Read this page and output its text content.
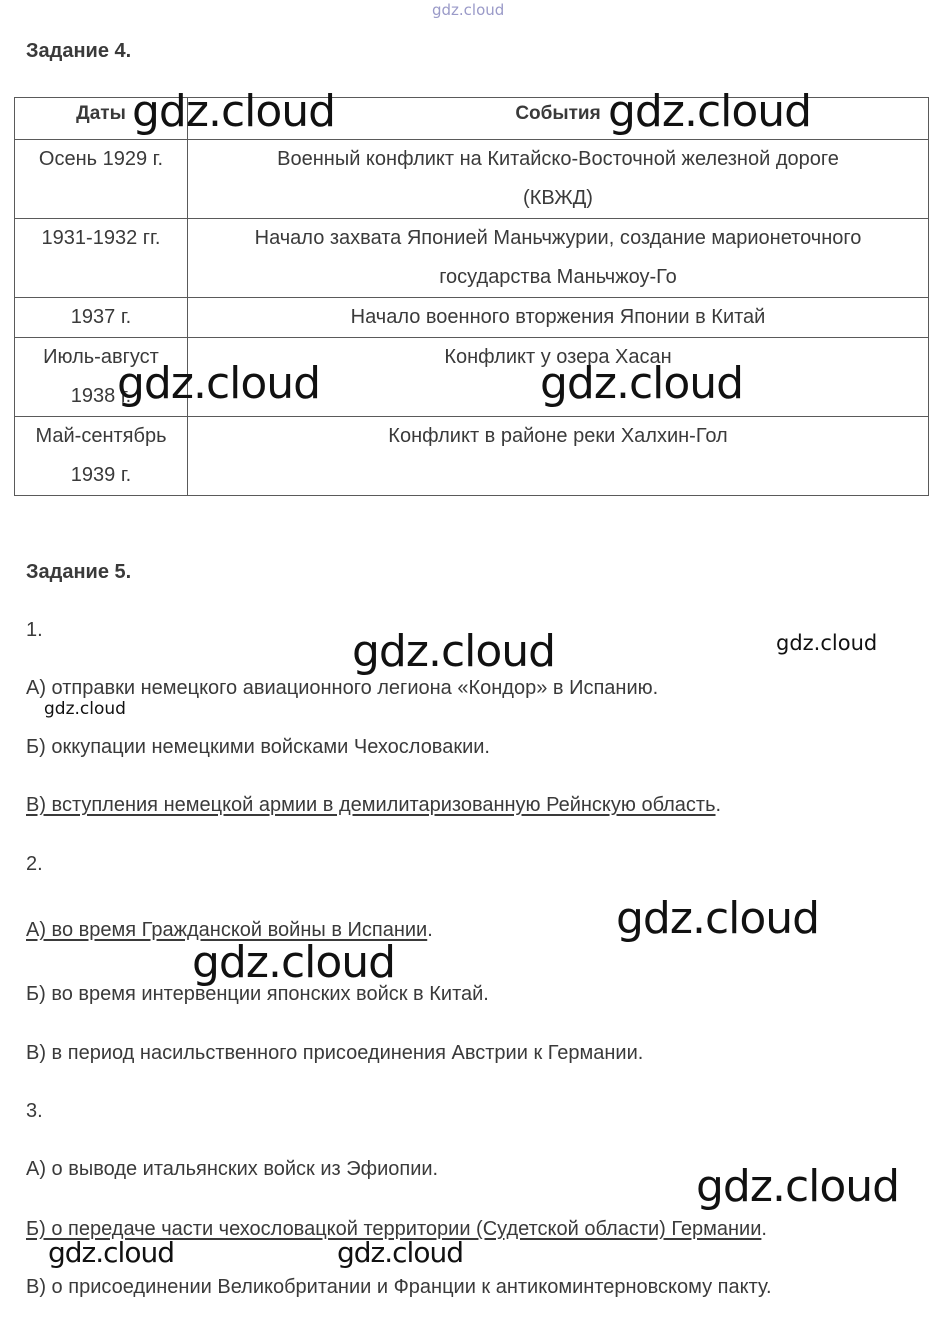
gdz.cloud
Задание 4.
Даты	События
Осень 1929 г.	Военный конфликт на Китайско-Восточной железной дороге
(КВЖД)
1931-1932 гг.	Начало захвата Японией Маньчжурии, создание марионеточного
государства Маньчжоу-Го
1937 г.	Начало военного вторжения Японии в Китай
Июль-август
1938 г.	Конфликт у озера Хасан
Май-сентябрь
1939 г.	Конфликт в районе реки Халхин-Гол
Задание 5.
1.
А) отправки немецкого авиационного легиона «Кондор» в Испанию.
Б) оккупации немецкими войсками Чехословакии.
В) вступления немецкой армии в демилитаризованную Рейнскую область.
2.
А) во время Гражданской войны в Испании.
Б) во время интервенции японских войск в Китай.
В) в период насильственного присоединения Австрии к Германии.
3.
А) о выводе итальянских войск из Эфиопии.
Б) о передаче части чехословацкой территории (Судетской области) Германии.
В) о присоединении Великобритании и Франции к антикоминтерновскому пакту.
gdz.cloud	gdz.cloud
gdz.cloud	gdz.cloud
gdz.cloud	gdz.cloud
gdz.cloud
gdz.cloud
gdz.cloud
gdz.cloud
gdz.cloud	gdz.cloud
